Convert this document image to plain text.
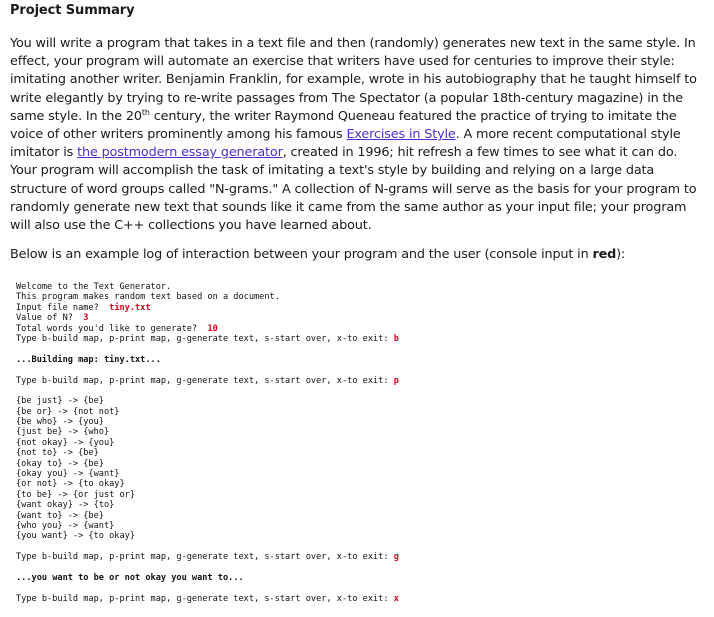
Project Summary

You will write a program that takes in a text file and then (randomly) generates new text in the same style. In effect, your program will automate an exercise that writers have used for centuries to improve their style: imitating another writer. Benjamin Franklin, for example, wrote in his autobiography that he taught himself to write elegantly by trying to re-write passages from The Spectator (a popular 18th-century magazine) in the same style. In the 20th century, the writer Raymond Queneau featured the practice of trying to imitate the voice of other writers prominently among his famous Exercises in Style. A more recent computational style imitator is the postmodern essay generator, created in 1996; hit refresh a few times to see what it can do. Your program will accomplish the task of imitating a text's style by building and relying on a large data structure of word groups called "N-grams." A collection of N-grams will serve as the basis for your program to randomly generate new text that sounds like it came from the same author as your input file; your program will also use the C++ collections you have learned about.

Below is an example log of interaction between your program and the user (console input in red):

Welcome to the Text Generator.
This program makes random text based on a document.
Input file name?  tiny.txt
Value of N?  3
Total words you'd like to generate?  10
Type b-build map, p-print map, g-generate text, s-start over, x-to exit: b
...Building map: tiny.txt...
Type b-build map, p-print map, g-generate text, s-start over, x-to exit: p
{be just} -> {be}
{be or} -> {not not}
{be who} -> {you}
{just be} -> {who}
{not okay} -> {you}
{not to} -> {be}
{okay to} -> {be}
{okay you} -> {want}
{or not} -> {to okay}
{to be} -> {or just or}
{want okay} -> {to}
{want to} -> {be}
{who you} -> {want}
{you want} -> {to okay}
Type b-build map, p-print map, g-generate text, s-start over, x-to exit: g
...you want to be or not okay you want to...
Type b-build map, p-print map, g-generate text, s-start over, x-to exit: x
